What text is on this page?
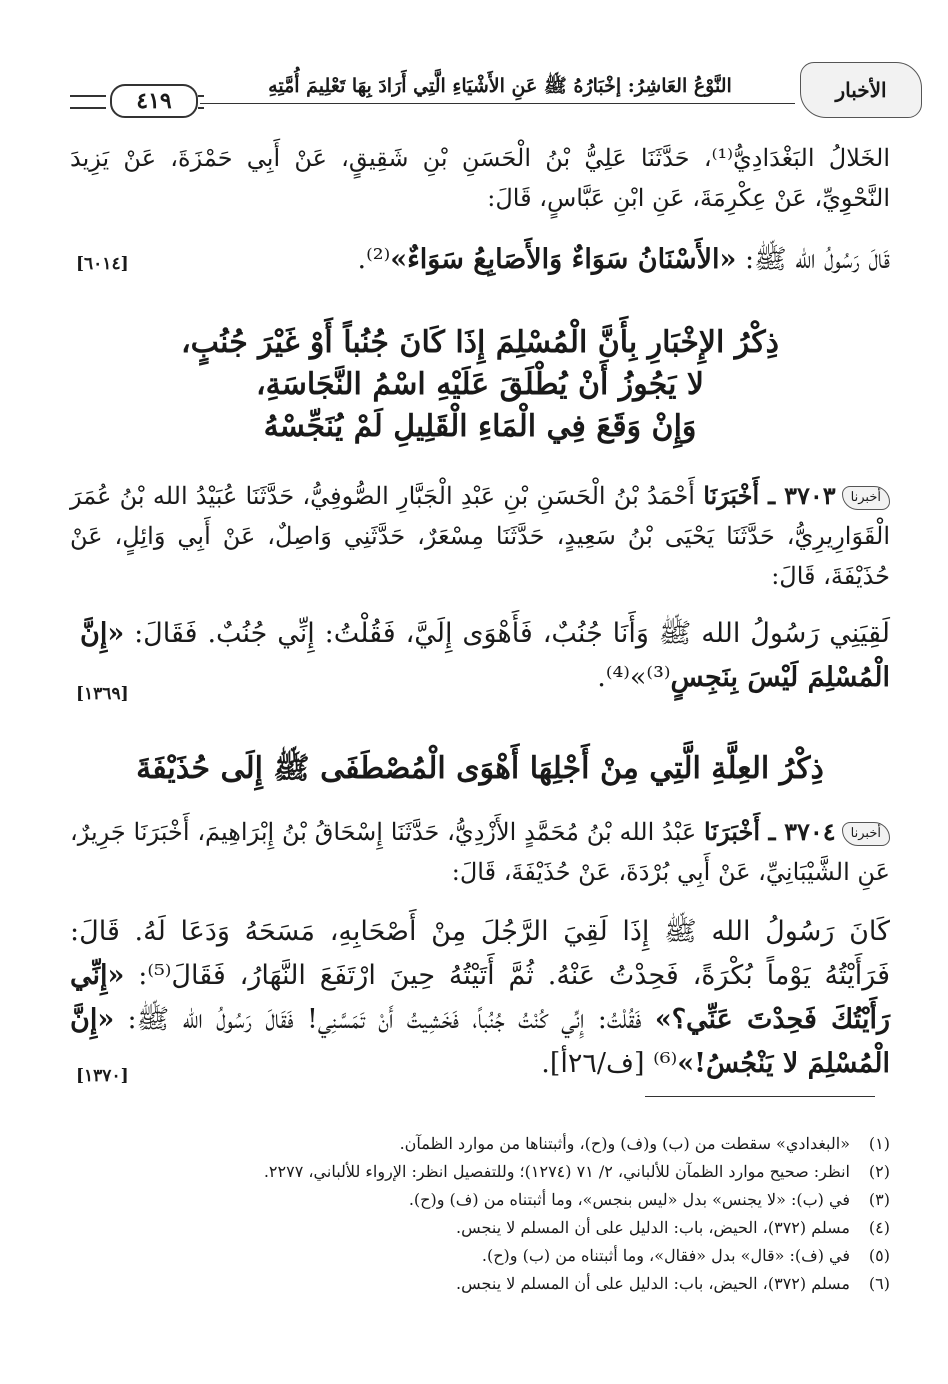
الأخبار
النَّوْعُ العَاشِرُ: إخْبَارُهُ ﷺ عَنِ الأَشْيَاءِ الَّتِي أَرَادَ بِهَا تَعْلِيمَ أُمَّتِهِ
٤١٩
الخَلالُ البَغْدَادِيُّ⁽¹⁾، حَدَّثَنَا عَلِيُّ بْنُ الْحَسَنِ بْنِ شَقِيقٍ، عَنْ أَبِي حَمْزَةَ، عَنْ يَزِيدَ النَّحْوِيِّ، عَنْ عِكْرِمَةَ، عَنِ ابْنِ عَبَّاسٍ، قَالَ:
قَالَ رَسُولُ الله ﷺ: «الأَسْنَانُ سَوَاءٌ وَالأَصَابِعُ سَوَاءٌ»⁽²⁾.
[٦٠١٤]
ذِكْرُ الإِخْبَارِ بِأَنَّ الْمُسْلِمَ إِذَا كَانَ جُنُباً أَوْ غَيْرَ جُنُبٍ،
لا يَجُوزُ أَنْ يُطْلَقَ عَلَيْهِ اسْمُ النَّجَاسَةِ،
وَإِنْ وَقَعَ فِي الْمَاءِ الْقَلِيلِ لَمْ يُنَجِّسْهُ
أخبرنا٣٧٠٣ ـ أَخْبَرَنَا أَحْمَدُ بْنُ الْحَسَنِ بْنِ عَبْدِ الْجَبَّارِ الصُّوفِيُّ، حَدَّثَنَا عُبَيْدُ الله بْنُ عُمَرَ الْقَوَارِيرِيُّ، حَدَّثَنَا يَحْيَى بْنُ سَعِيدٍ، حَدَّثَنَا مِسْعَرٌ، حَدَّثَنِي وَاصِلٌ، عَنْ أَبِي وَائِلٍ، عَنْ حُذَيْفَةَ، قَالَ:
لَقِيَنِي رَسُولُ الله ﷺ وَأَنَا جُنُبٌ، فَأَهْوَى إِلَيَّ، فَقُلْتُ: إِنِّي جُنُبٌ. فَقَالَ: «إِنَّ الْمُسْلِمَ لَيْسَ بِنَجِسٍ⁽³⁾»⁽⁴⁾.
[١٣٦٩]
ذِكْرُ العِلَّةِ الَّتِي مِنْ أَجْلِهَا أَهْوَى الْمُصْطَفَى ﷺ إِلَى حُذَيْفَةَ
أخبرنا٣٧٠٤ ـ أَخْبَرَنَا عَبْدُ الله بْنُ مُحَمَّدٍ الأَزْدِيُّ، حَدَّثَنَا إِسْحَاقُ بْنُ إِبْرَاهِيمَ، أَخْبَرَنَا جَرِيرٌ، عَنِ الشَّيْبَانِيِّ، عَنْ أَبِي بُرْدَةَ، عَنْ حُذَيْفَةَ، قَالَ:
كَانَ رَسُولُ الله ﷺ إِذَا لَقِيَ الرَّجُلَ مِنْ أَصْحَابِهِ، مَسَحَهُ وَدَعَا لَهُ. قَالَ: فَرَأَيْتُهُ يَوْماً بُكْرَةً، فَحِدْتُ عَنْهُ. ثُمَّ أَتَيْتُهُ حِينَ ارْتَفَعَ النَّهَارُ، فَقَالَ⁽⁵⁾: «إِنِّي رَأَيْتُكَ فَحِدْتَ عَنِّي؟» فَقُلْتُ: إِنِّي كُنْتُ جُنُباً، فَخَشِيتُ أَنْ تَمَسَّنِي! فَقَالَ رَسُولُ الله ﷺ: «إِنَّ الْمُسْلِمَ لا يَنْجُسُ!»⁽⁶⁾ [ف/٢٦أ].
[١٣٧٠]
(١)«البغدادي» سقطت من (ب) و(ف) و(ح)، وأثبتناها من موارد الظمآن.
(٢)انظر: صحيح موارد الظمآن للألباني، ٢/ ٧١ (١٢٧٤)؛ وللتفصيل انظر: الإرواء للألباني، ٢٢٧٧.
(٣)في (ب): «لا يجنس» بدل «ليس بنجس»، وما أثبتناه من (ف) و(ح).
(٤)مسلم (٣٧٢)، الحيض، باب: الدليل على أن المسلم لا ينجس.
(٥)في (ف): «قال» بدل «فقال»، وما أثبتناه من (ب) و(ح).
(٦)مسلم (٣٧٢)، الحيض، باب: الدليل على أن المسلم لا ينجس.
